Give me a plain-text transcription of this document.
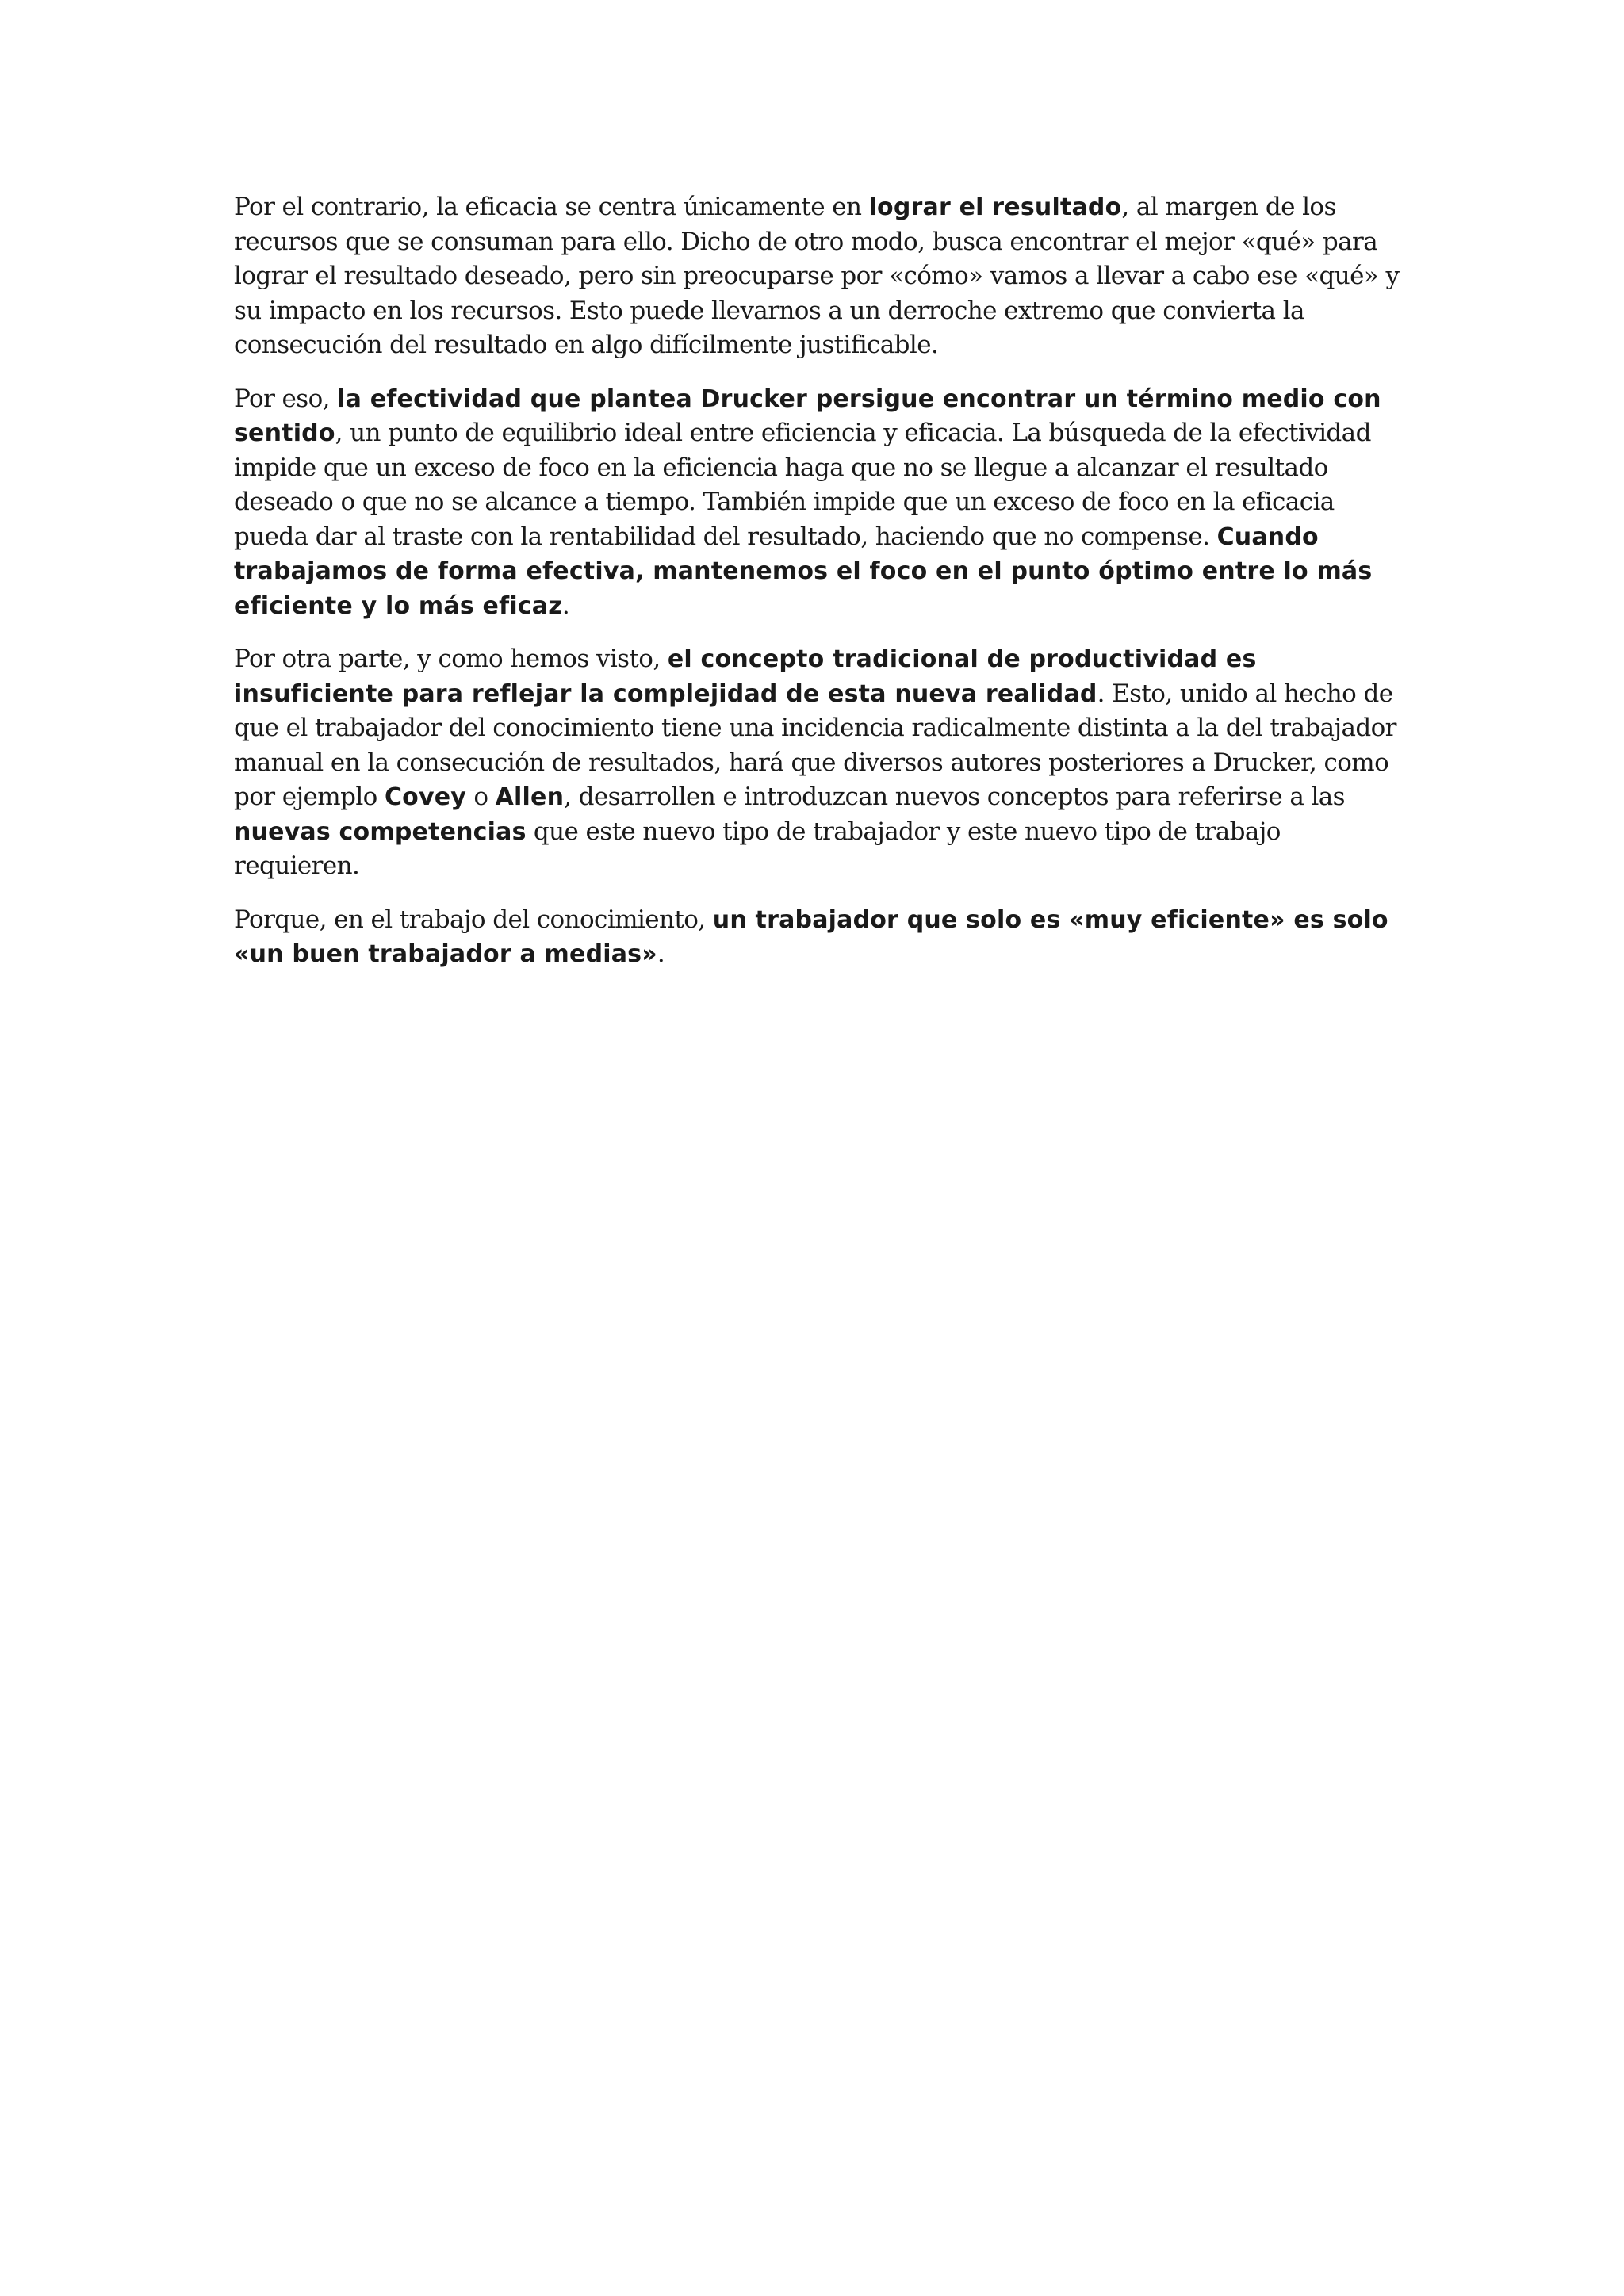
Por el contrario, la eficacia se centra únicamente en lograr el resultado, al margen de los recursos que se consuman para ello. Dicho de otro modo, busca encontrar el mejor «qué» para lograr el resultado deseado, pero sin preocuparse por «cómo» vamos a llevar a cabo ese «qué» y su impacto en los recursos. Esto puede llevarnos a un derroche extremo que convierta la consecución del resultado en algo difícilmente justificable.

Por eso, la efectividad que plantea Drucker persigue encontrar un término medio con sentido, un punto de equilibrio ideal entre eficiencia y eficacia. La búsqueda de la efectividad impide que un exceso de foco en la eficiencia haga que no se llegue a alcanzar el resultado deseado o que no se alcance a tiempo. También impide que un exceso de foco en la eficacia pueda dar al traste con la rentabilidad del resultado, haciendo que no compense. Cuando trabajamos de forma efectiva, mantenemos el foco en el punto óptimo entre lo más eficiente y lo más eficaz.

Por otra parte, y como hemos visto, el concepto tradicional de productividad es insuficiente para reflejar la complejidad de esta nueva realidad. Esto, unido al hecho de que el trabajador del conocimiento tiene una incidencia radicalmente distinta a la del trabajador manual en la consecución de resultados, hará que diversos autores posteriores a Drucker, como por ejemplo Covey o Allen, desarrollen e introduzcan nuevos conceptos para referirse a las nuevas competencias que este nuevo tipo de trabajador y este nuevo tipo de trabajo requieren.

Porque, en el trabajo del conocimiento, un trabajador que solo es «muy eficiente» es solo «un buen trabajador a medias».
